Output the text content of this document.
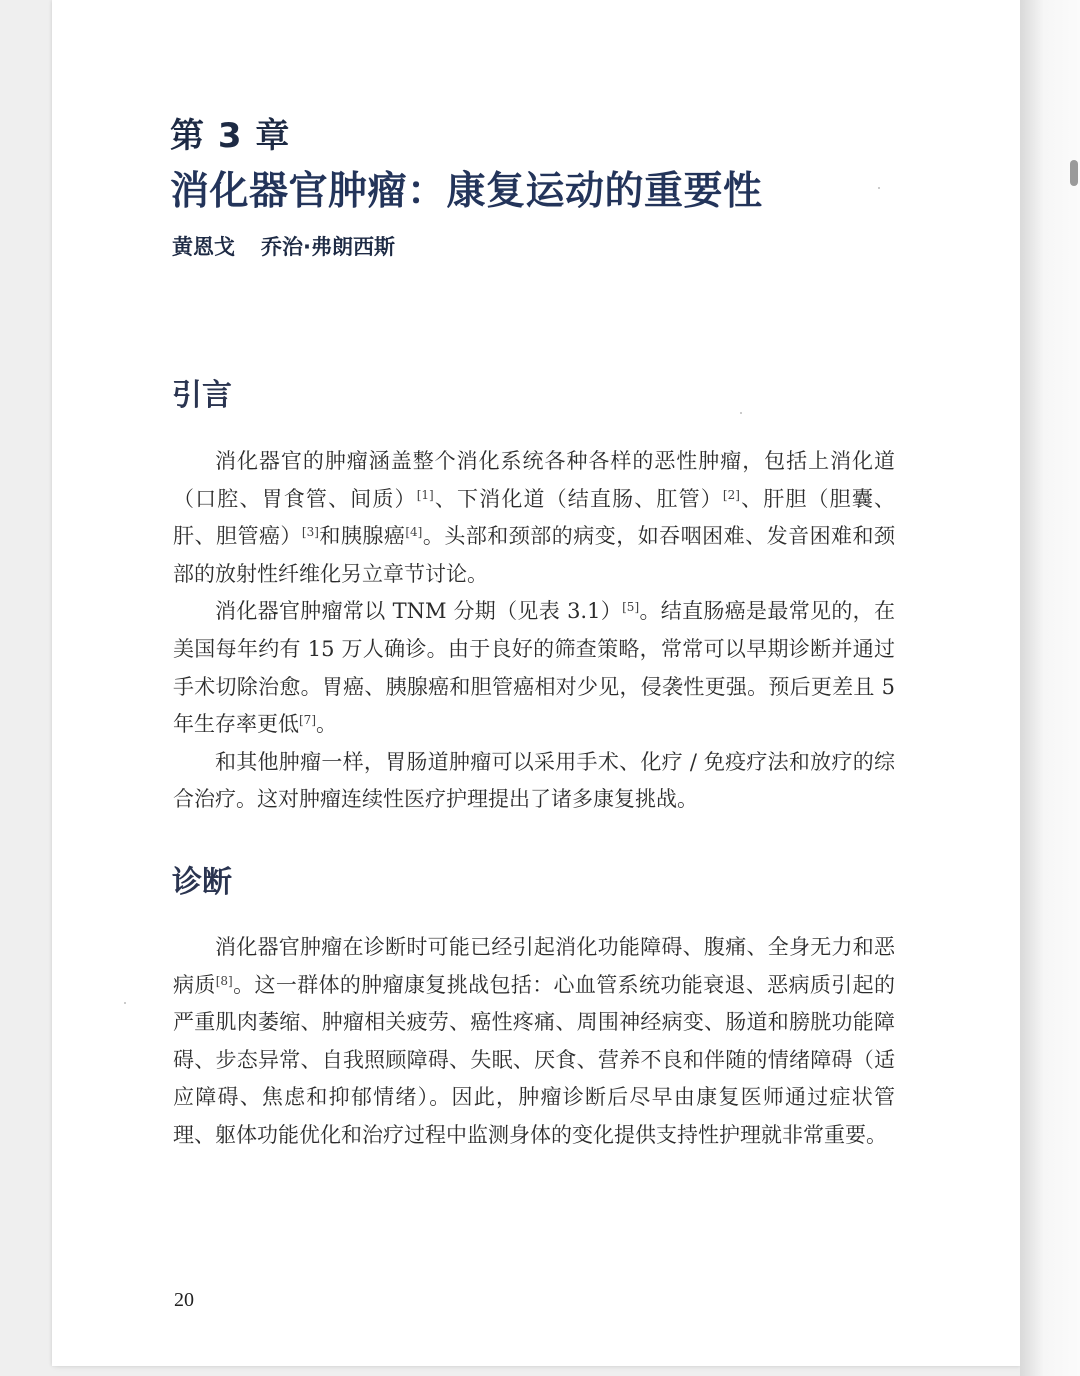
第 3 章
消化器官肿瘤：康复运动的重要性
黄恩戈 乔治·弗朗西斯
引言

消化器官的肿瘤涵盖整个消化系统各种各样的恶性肿瘤，包括上消化道（口腔、胃食管、间质）[1]、下消化道（结直肠、肛管）[2]、肝胆（胆囊、肝、胆管癌）[3]和胰腺癌[4]。头部和颈部的病变，如吞咽困难、发音困难和颈部的放射性纤维化另立章节讨论。

消化器官肿瘤常以 TNM 分期（见表 3.1）[5]。结直肠癌是最常见的，在美国每年约有 15 万人确诊。由于良好的筛查策略，常常可以早期诊断并通过手术切除治愈。胃癌、胰腺癌和胆管癌相对少见，侵袭性更强。预后更差且 5 年生存率更低[7]。

和其他肿瘤一样，胃肠道肿瘤可以采用手术、化疗 / 免疫疗法和放疗的综合治疗。这对肿瘤连续性医疗护理提出了诸多康复挑战。

诊断

消化器官肿瘤在诊断时可能已经引起消化功能障碍、腹痛、全身无力和恶病质[8]。这一群体的肿瘤康复挑战包括：心血管系统功能衰退、恶病质引起的严重肌肉萎缩、肿瘤相关疲劳、癌性疼痛、周围神经病变、肠道和膀胱功能障碍、步态异常、自我照顾障碍、失眠、厌食、营养不良和伴随的情绪障碍（适应障碍、焦虑和抑郁情绪）。因此，肿瘤诊断后尽早由康复医师通过症状管理、躯体功能优化和治疗过程中监测身体的变化提供支持性护理就非常重要。

20
